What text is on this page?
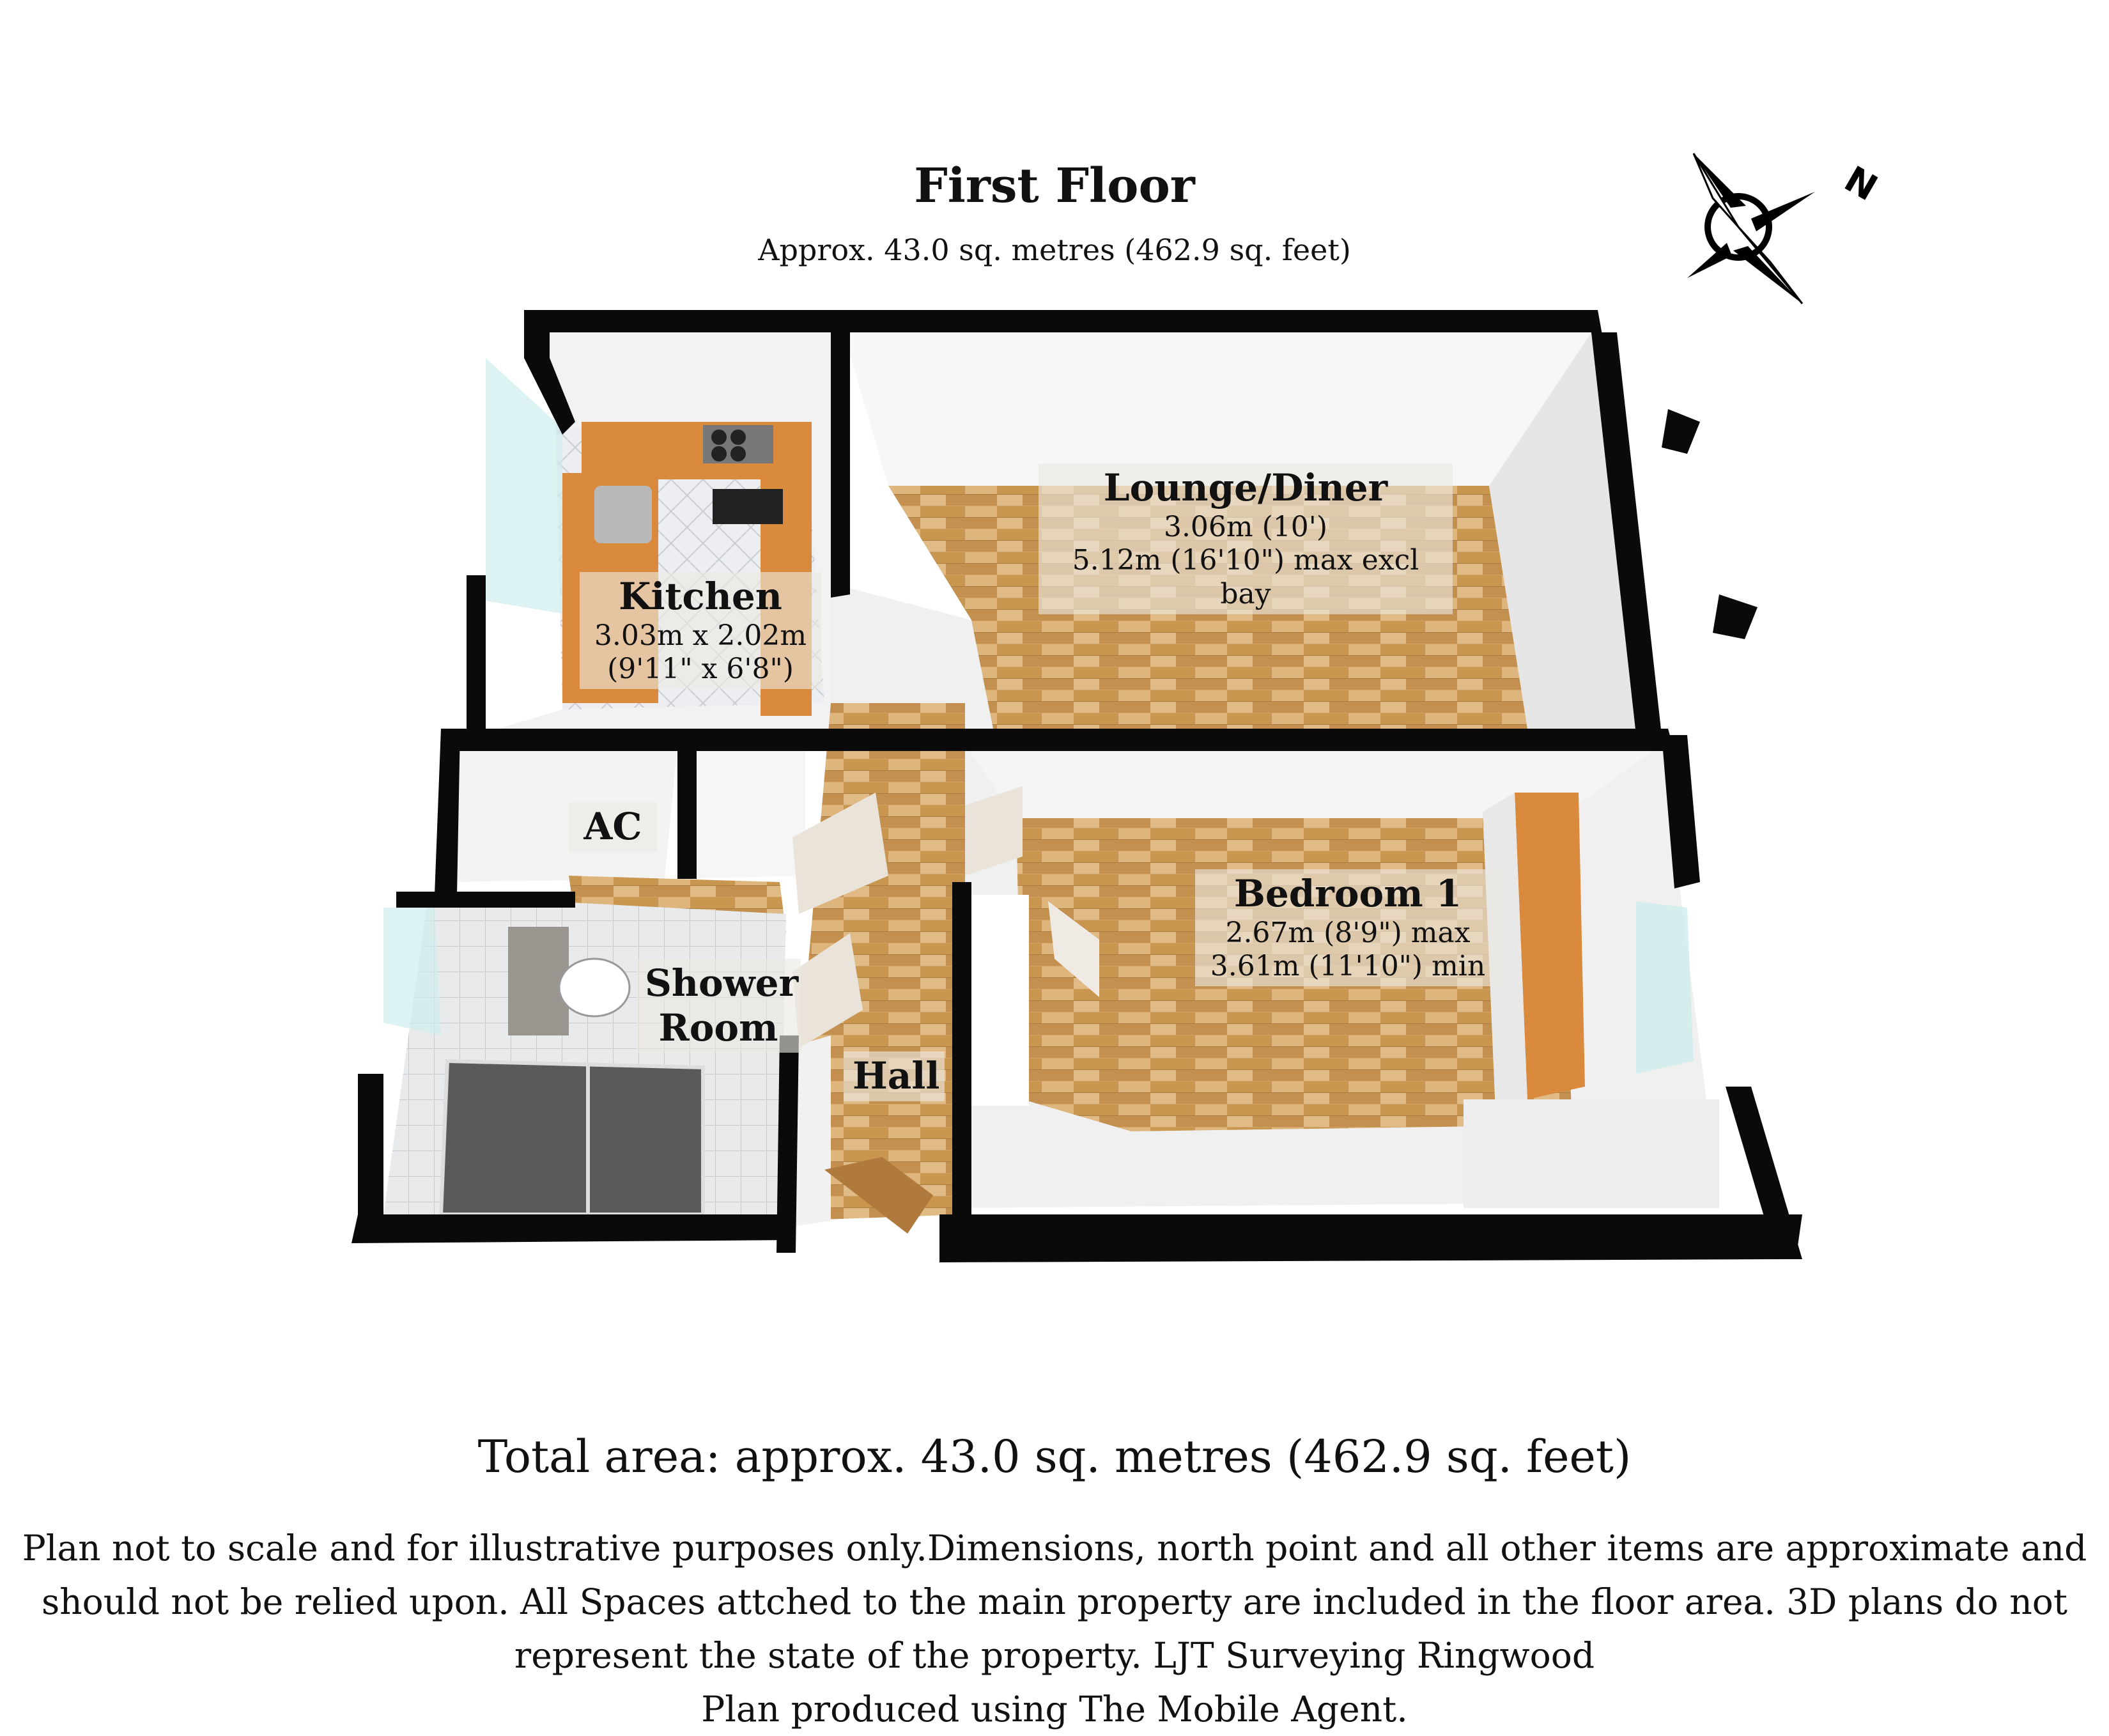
First Floor
Approx. 43.0 sq. metres (462.9 sq. feet)
N
Kitchen
3.03m x 2.02m
(9'11" x 6'8")
Lounge/Diner
3.06m (10')
5.12m (16'10") max excl bay
Bedroom 1
2.67m (8'9") max
3.61m (11'10") min
AC
Shower
Room
Hall
Total area: approx. 43.0 sq. metres (462.9 sq. feet)
Plan not to scale and for illustrative purposes only.Dimensions, north point and all other items are approximate and
should not be relied upon. All Spaces attched to the main property are included in the floor area. 3D plans do not
represent the state of the property. LJT Surveying Ringwood
Plan produced using The Mobile Agent.
